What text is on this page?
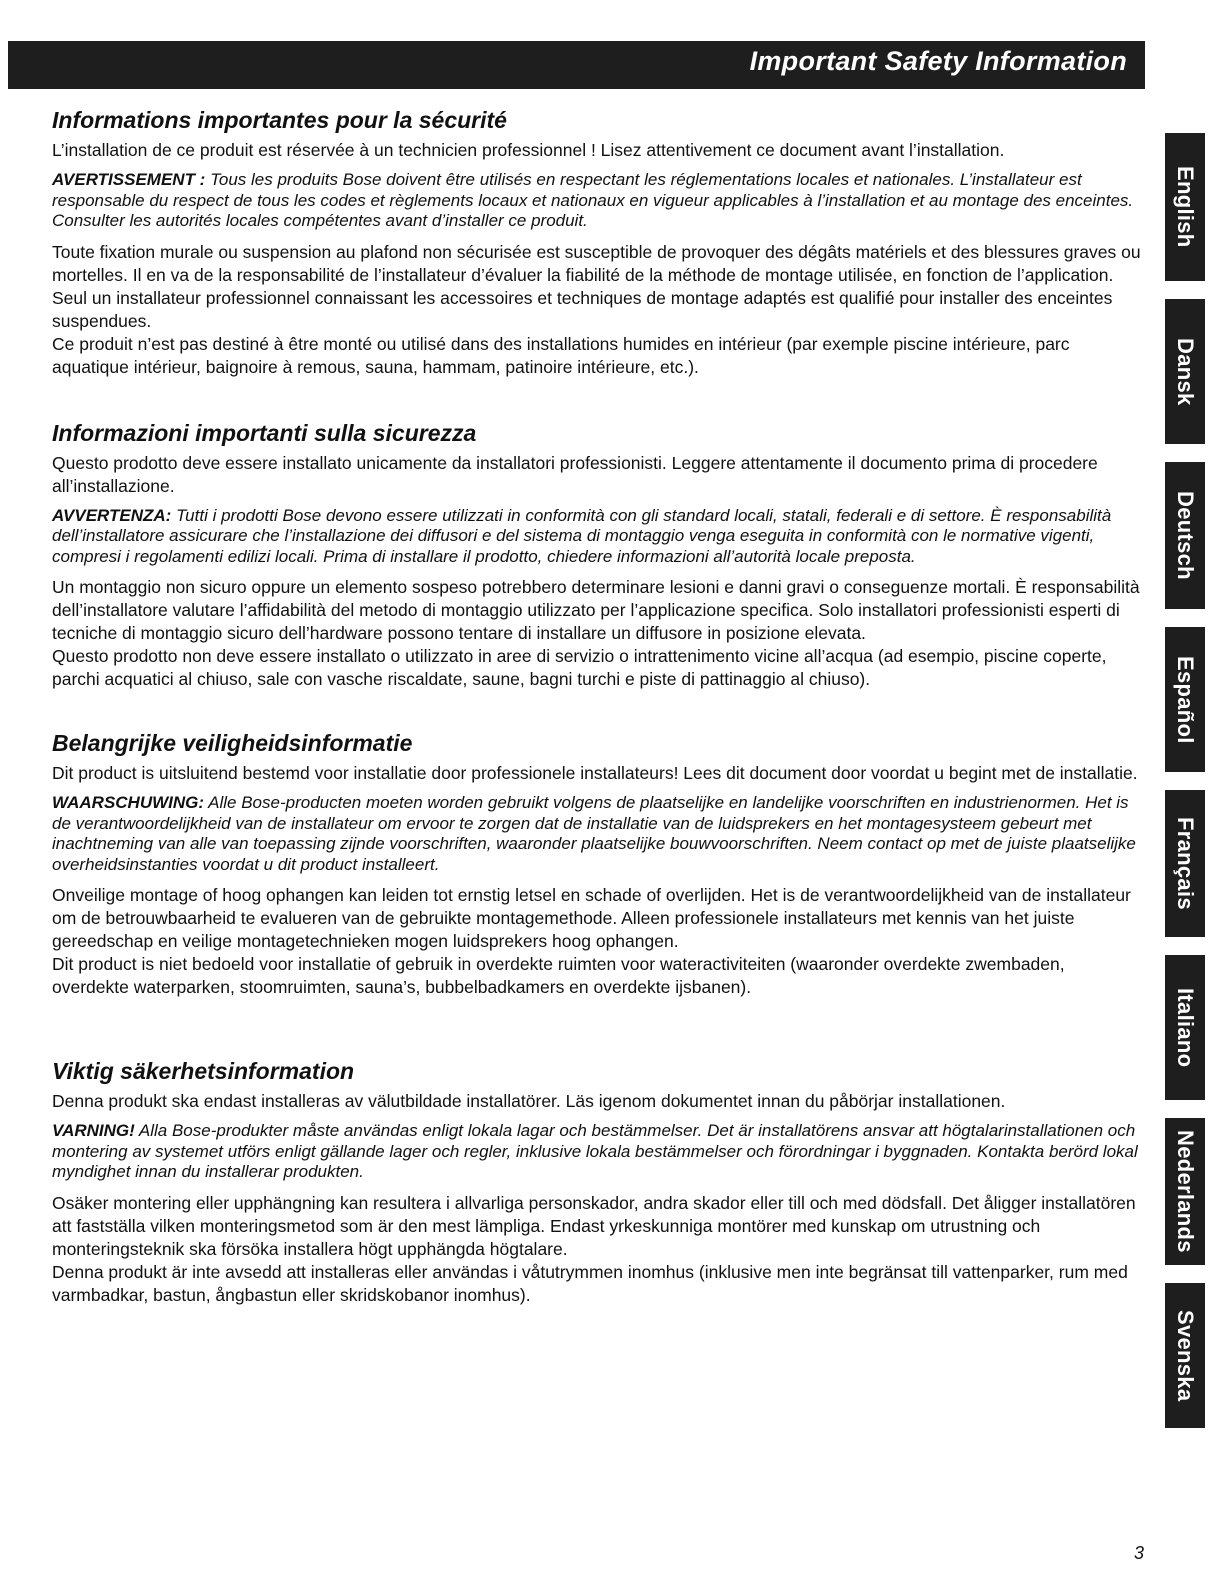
Important Safety Information
Informations importantes pour la sécurité

L’installation de ce produit est réservée à un technicien professionnel ! Lisez attentivement ce document avant l’installation.

AVERTISSEMENT : Tous les produits Bose doivent être utilisés en respectant les réglementations locales et nationales. L’installateur est responsable du respect de tous les codes et règlements locaux et nationaux en vigueur applicables à l’installation et au montage des enceintes. Consulter les autorités locales compétentes avant d’installer ce produit.

Toute fixation murale ou suspension au plafond non sécurisée est susceptible de provoquer des dégâts matériels et des blessures graves ou mortelles. Il en va de la responsabilité de l’installateur d’évaluer la fiabilité de la méthode de montage utilisée, en fonction de l’application. Seul un installateur professionnel connaissant les accessoires et techniques de montage adaptés est qualifié pour installer des enceintes suspendues.

Ce produit n’est pas destiné à être monté ou utilisé dans des installations humides en intérieur (par exemple piscine intérieure, parc aquatique intérieur, baignoire à remous, sauna, hammam, patinoire intérieure, etc.).

Informazioni importanti sulla sicurezza

Questo prodotto deve essere installato unicamente da installatori professionisti. Leggere attentamente il documento prima di procedere all’installazione.

AVVERTENZA: Tutti i prodotti Bose devono essere utilizzati in conformità con gli standard locali, statali, federali e di settore. È responsabilità dell’installatore assicurare che l’installazione dei diffusori e del sistema di montaggio venga eseguita in conformità con le normative vigenti, compresi i regolamenti edilizi locali. Prima di installare il prodotto, chiedere informazioni all’autorità locale preposta.

Un montaggio non sicuro oppure un elemento sospeso potrebbero determinare lesioni e danni gravi o conseguenze mortali. È responsabilità dell’installatore valutare l’affidabilità del metodo di montaggio utilizzato per l’applicazione specifica. Solo installatori professionisti esperti di tecniche di montaggio sicuro dell’hardware possono tentare di installare un diffusore in posizione elevata.

Questo prodotto non deve essere installato o utilizzato in aree di servizio o intrattenimento vicine all’acqua (ad esempio, piscine coperte, parchi acquatici al chiuso, sale con vasche riscaldate, saune, bagni turchi e piste di pattinaggio al chiuso).

Belangrijke veiligheidsinformatie

Dit product is uitsluitend bestemd voor installatie door professionele installateurs! Lees dit document door voordat u begint met de installatie.

WAARSCHUWING: Alle Bose-producten moeten worden gebruikt volgens de plaatselijke en landelijke voorschriften en industrienormen. Het is de verantwoordelijkheid van de installateur om ervoor te zorgen dat de installatie van de luidsprekers en het montagesysteem gebeurt met inachtneming van alle van toepassing zijnde voorschriften, waaronder plaatselijke bouwvoorschriften. Neem contact op met de juiste plaatselijke overheidsinstanties voordat u dit product installeert.

Onveilige montage of hoog ophangen kan leiden tot ernstig letsel en schade of overlijden. Het is de verantwoordelijkheid van de installateur om de betrouwbaarheid te evalueren van de gebruikte montagemethode. Alleen professionele installateurs met kennis van het juiste gereedschap en veilige montagetechnieken mogen luidsprekers hoog ophangen.

Dit product is niet bedoeld voor installatie of gebruik in overdekte ruimten voor wateractiviteiten (waaronder overdekte zwembaden, overdekte waterparken, stoomruimten, sauna’s, bubbelbadkamers en overdekte ijsbanen).

Viktig säkerhetsinformation

Denna produkt ska endast installeras av välutbildade installatörer. Läs igenom dokumentet innan du påbörjar installationen.

VARNING! Alla Bose-produkter måste användas enligt lokala lagar och bestämmelser. Det är installatörens ansvar att högtalarinstallationen och montering av systemet utförs enligt gällande lager och regler, inklusive lokala bestämmelser och förordningar i byggnaden. Kontakta berörd lokal myndighet innan du installerar produkten.

Osäker montering eller upphängning kan resultera i allvarliga personskador, andra skador eller till och med dödsfall. Det åligger installatören att fastställa vilken monteringsmetod som är den mest lämpliga. Endast yrkeskunniga montörer med kunskap om utrustning och monteringsteknik ska försöka installera högt upphängda högtalare.

Denna produkt är inte avsedd att installeras eller användas i våtutrymmen inomhus (inklusive men inte begränsat till vattenparker, rum med varmbadkar, bastun, ångbastun eller skridskobanor inomhus).

English
Dansk
Deutsch
Español
Français
Italiano
Nederlands
Svenska
3
